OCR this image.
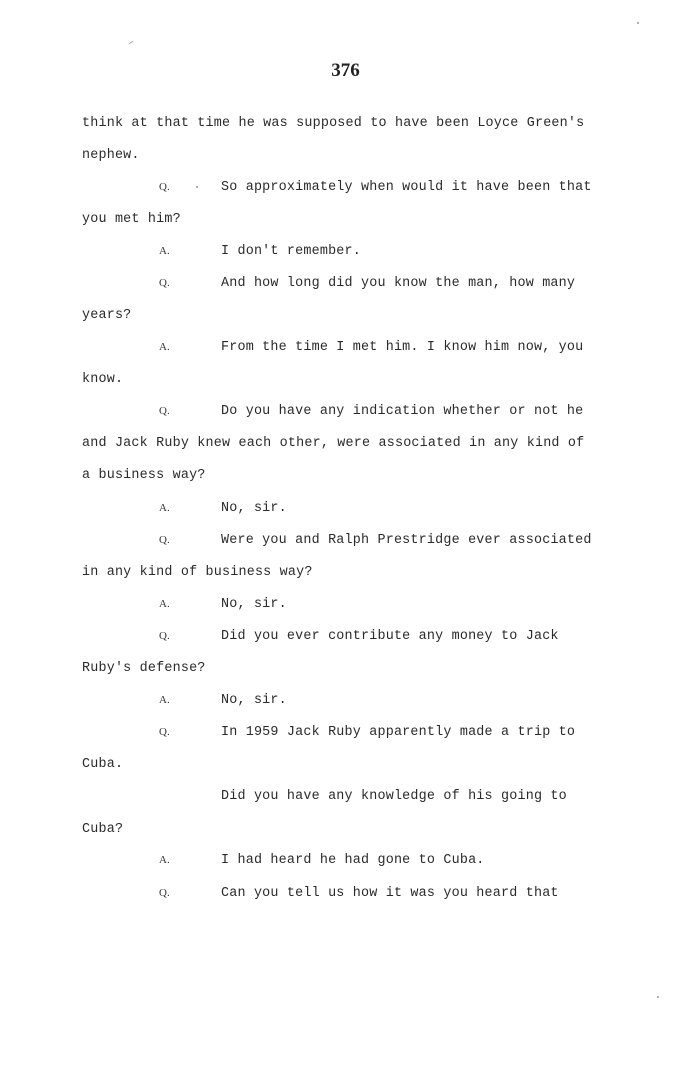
376
think at that time he was supposed to have been Loyce Green's
nephew.
Q.	So approximately when would it have been that
you met him?
A.	I don't remember.
Q.	And how long did you know the man, how many
years?
A.	From the time I met him. I know him now, you
know.
Q.	Do you have any indication whether or not he
and Jack Ruby knew each other, were associated in any kind of
a business way?
A.	No, sir.
Q.	Were you and Ralph Prestridge ever associated
in any kind of business way?
A.	No, sir.
Q.	Did you ever contribute any money to Jack
Ruby's defense?
A.	No, sir.
Q.	In 1959 Jack Ruby apparently made a trip to
Cuba.
Did you have any knowledge of his going to
Cuba?
A.	I had heard he had gone to Cuba.
Q.	Can you tell us how it was you heard that
